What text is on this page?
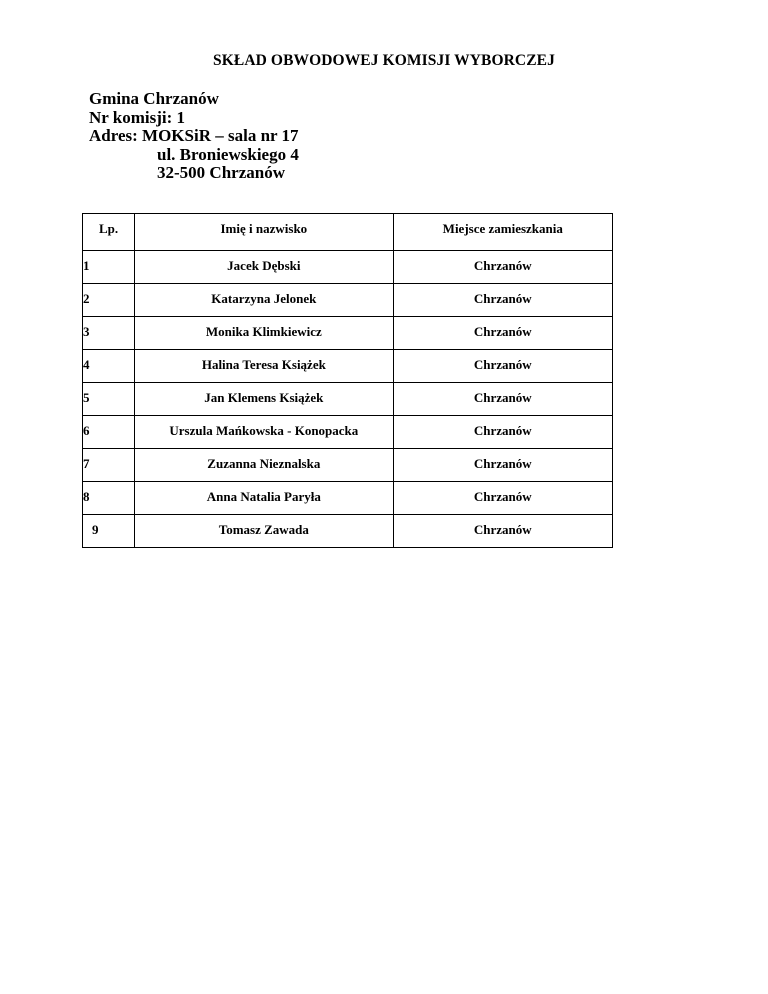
SKŁAD OBWODOWEJ KOMISJI WYBORCZEJ
Gmina Chrzanów
Nr komisji: 1
Adres: MOKSiR – sala nr 17
ul. Broniewskiego 4
32-500 Chrzanów
Lp.	Imię i nazwisko	Miejsce zamieszkania
1	Jacek Dębski	Chrzanów
2	Katarzyna Jelonek	Chrzanów
3	Monika Klimkiewicz	Chrzanów
4	Halina Teresa Książek	Chrzanów
5	Jan Klemens Książek	Chrzanów
6	Urszula Mańkowska - Konopacka	Chrzanów
7	Zuzanna Nieznalska	Chrzanów
8	Anna Natalia Paryła	Chrzanów
9	Tomasz Zawada	Chrzanów
